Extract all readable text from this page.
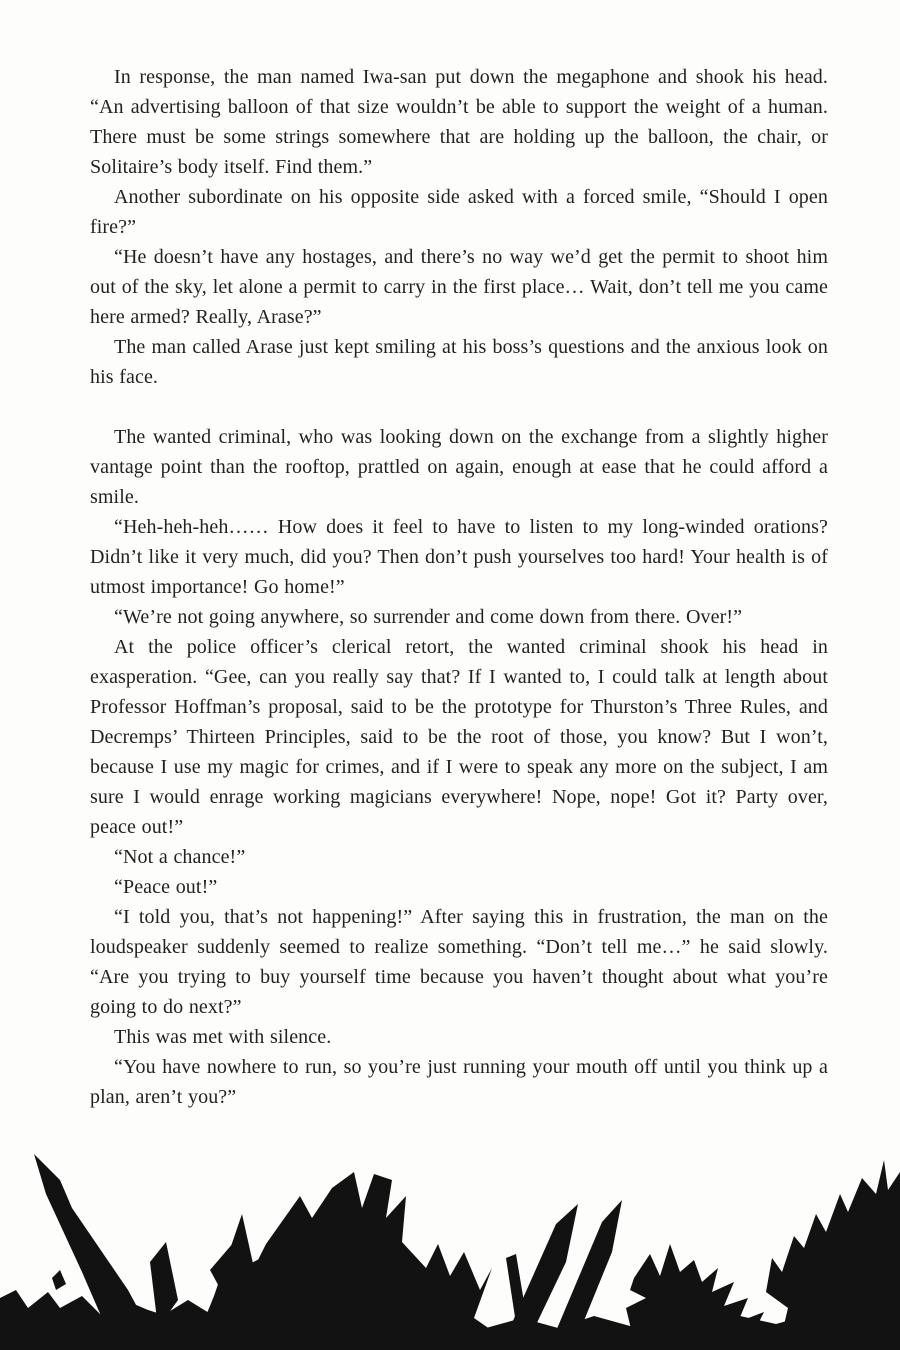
In response, the man named Iwa-san put down the megaphone and shook his head. “An advertising balloon of that size wouldn’t be able to support the weight of a human. There must be some strings somewhere that are holding up the balloon, the chair, or Solitaire’s body itself. Find them.”

Another subordinate on his opposite side asked with a forced smile, “Should I open fire?”

“He doesn’t have any hostages, and there’s no way we’d get the permit to shoot him out of the sky, let alone a permit to carry in the first place… Wait, don’t tell me you came here armed? Really, Arase?”

The man called Arase just kept smiling at his boss’s questions and the anxious look on his face.

The wanted criminal, who was looking down on the exchange from a slightly higher vantage point than the rooftop, prattled on again, enough at ease that he could afford a smile.

“Heh-heh-heh…… How does it feel to have to listen to my long-winded orations? Didn’t like it very much, did you? Then don’t push yourselves too hard! Your health is of utmost importance! Go home!”

“We’re not going anywhere, so surrender and come down from there. Over!”

At the police officer’s clerical retort, the wanted criminal shook his head in exasperation. “Gee, can you really say that? If I wanted to, I could talk at length about Professor Hoffman’s proposal, said to be the prototype for Thurston’s Three Rules, and Decremps’ Thirteen Principles, said to be the root of those, you know? But I won’t, because I use my magic for crimes, and if I were to speak any more on the subject, I am sure I would enrage working magicians everywhere! Nope, nope! Got it? Party over, peace out!”

“Not a chance!”

“Peace out!”

“I told you, that’s not happening!” After saying this in frustration, the man on the loudspeaker suddenly seemed to realize something. “Don’t tell me…” he said slowly. “Are you trying to buy yourself time because you haven’t thought about what you’re going to do next?”

This was met with silence.

“You have nowhere to run, so you’re just running your mouth off until you think up a plan, aren’t you?”
